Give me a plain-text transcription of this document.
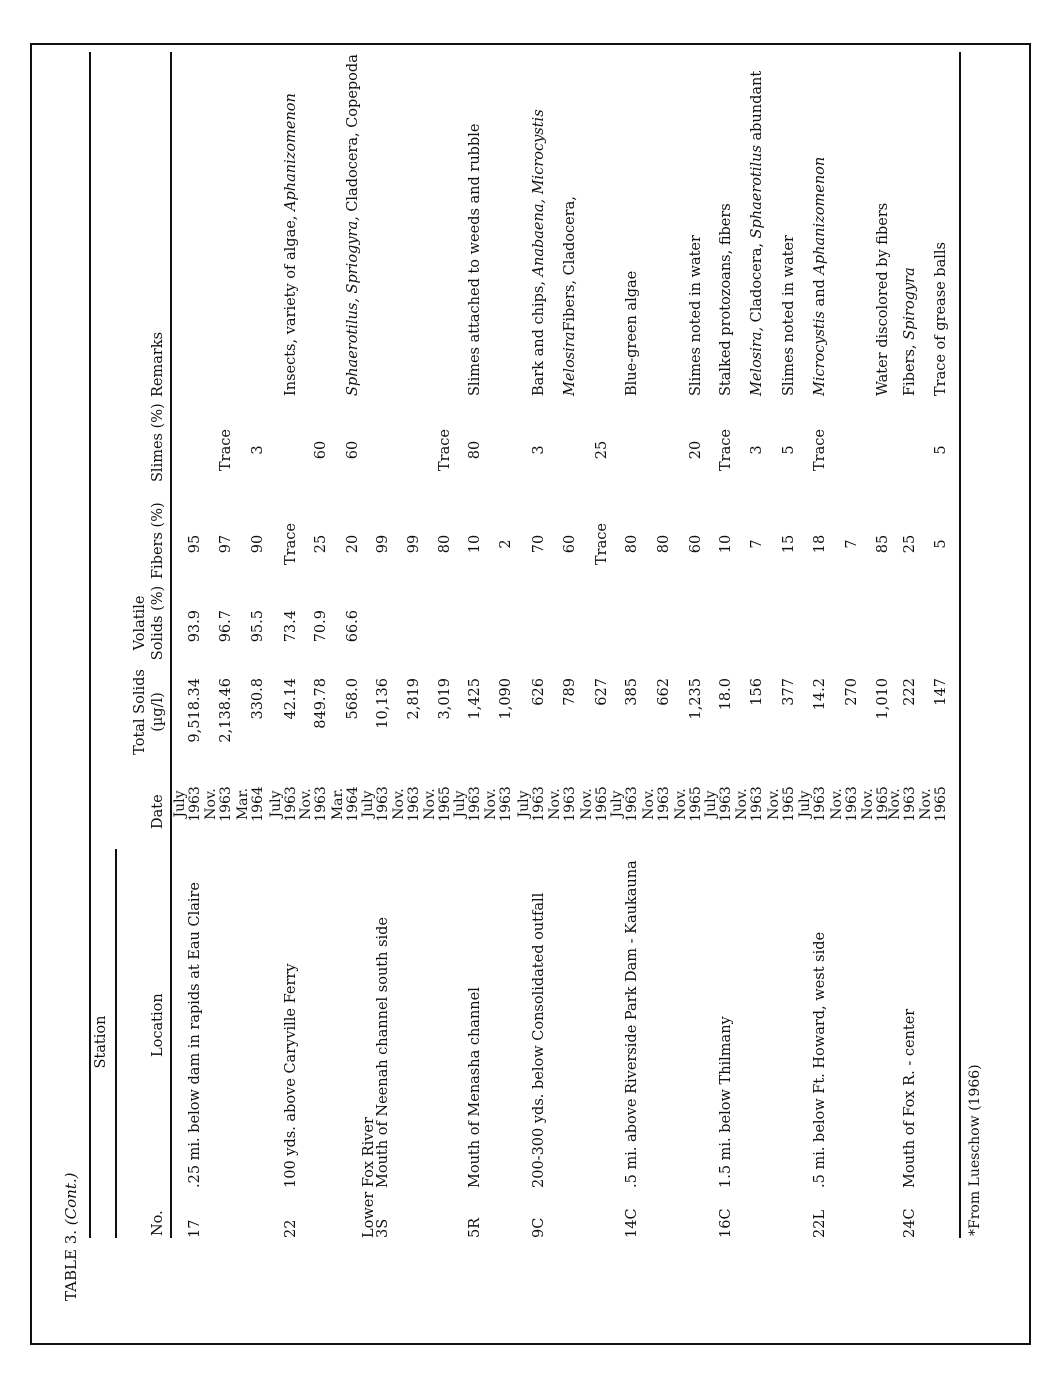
TABLE 3. (Cont.)
Station
No.
Location
Date
Total Solids (µg/l)
Volatile Solids (%)
Fibers (%)
Slimes (%)
Remarks
17
.25 mi. below dam in rapids at Eau Claire
22
100 yds. above Caryville Ferry	Lower Fox River
3S
Mouth of Neenah channel south side
5R
Mouth of Menasha channel
9C
200-300 yds. below Consolidated outfall
14C
.5 mi. above Riverside Park Dam - Kaukauna
16C
1.5 mi. below Thilmany
22L
.5 mi. below Ft. Howard, west side
24C
Mouth of Fox R. - center
July
1963
9,518.34
93.9
95
Nov.
1963
2,138.46
96.7
97
Trace
Mar.
1964
330.8
95.5
90
3
July
1963
42.14
73.4
Trace
Insects, variety of algae, Aphanizomenon
Nov.
1963
849.78
70.9
25
60
Mar.
1964
568.0
66.6
20
60
Sphaerotilus, Spriogyra, Cladocera, Copepoda
July
1963
10,136
99
Nov.
1963
2,819
99
Nov.
1965
3,019
80
Trace
July
1963
1,425
10
80
Slimes attached to weeds and rubble
Nov.
1963
1,090
2
July
1963
626
70
3
Bark and chips, Anabaena, Microcystis
Nov.
1963
789
60
MelosiraFibers, Cladocera,
Nov.
1965
627
Trace
25
July
1963
385
80
Blue-green algae
Nov.
1963
662
80
Nov.
1965
1,235
60
20
Slimes noted in water
July
1963
18.0
10
Trace
Stalked protozoans, fibers
Nov.
1963
156
7
3
Melosira, Cladocera, Sphaerotilus abundant
Nov.
1965
377
15
5
Slimes noted in water
July
1963
14.2
18
Trace
Microcystis and Aphanizomenon
Nov.
1963
270
7
Nov.
1965
1,010
85
Water discolored by fibers
Nov.
1963
222
25
Fibers, Spirogyra
Nov.
1965
147
5
5
Trace of grease balls
*From Lueschow (1966)
